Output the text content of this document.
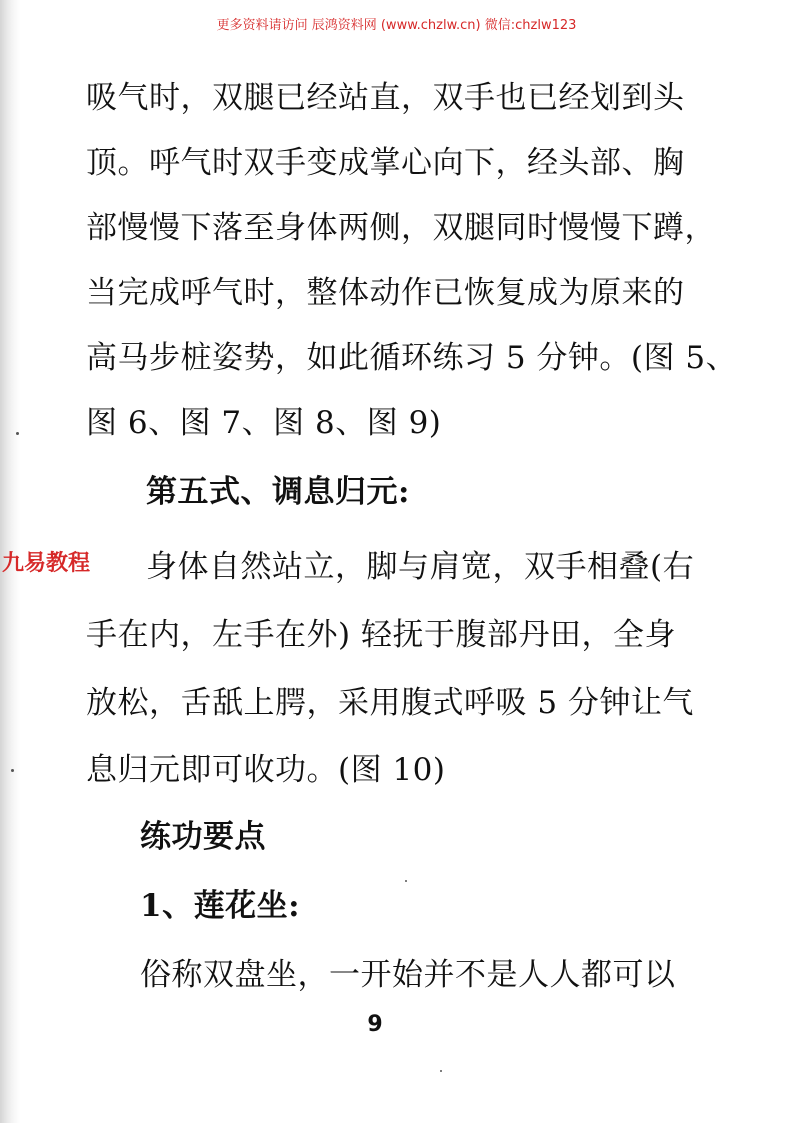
更多资料请访问 辰鸿资料网 (www.chzlw.cn) 微信:chzlw123
吸气时，双腿已经站直，双手也已经划到头
顶。呼气时双手变成掌心向下，经头部、胸
部慢慢下落至身体两侧，双腿同时慢慢下蹲，
当完成呼气时，整体动作已恢复成为原来的
高马步桩姿势，如此循环练习 5 分钟。(图 5、
图 6、图 7、图 8、图 9)
第五式、调息归元:
身体自然站立，脚与肩宽，双手相叠(右
手在内，左手在外) 轻抚于腹部丹田，全身
放松，舌舐上腭，采用腹式呼吸 5 分钟让气
息归元即可收功。(图 10)
练功要点
1、莲花坐:
俗称双盘坐，一开始并不是人人都可以
九易教程
9
